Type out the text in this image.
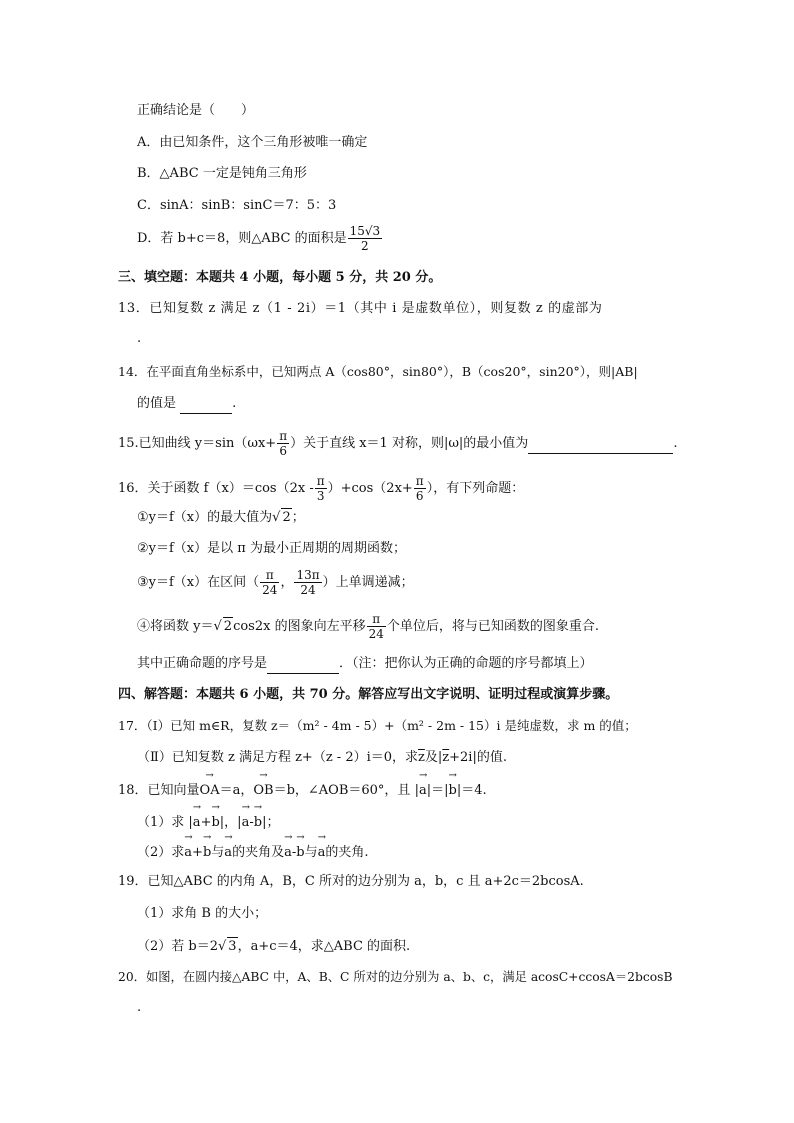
正确结论是（　　）
A．由已知条件，这个三角形被唯一确定
B．△ABC 一定是钝角三角形
C．sinA：sinB：sinC＝7：5：3
D．若 b+c＝8，则△ABC 的面积是 $\frac{15√3}{2}$
三、填空题：本题共 4 小题，每小题 5 分，共 20 分。
13．已知复数 z 满足 z（1 - 2i）＝1（其中 i 是虚数单位），则复数 z 的虚部为
.
14．在平面直角坐标系中，已知两点 A（cos80°，sin80°），B（cos20°，sin20°），则|AB|
的值是	.
15.已知曲线 $y=\sin(\omega x+ \frac{\pi}{6}$ ）关于直线 x＝1 对称，则|ω|的最小值为	.
16．关于函数 $f(x)=\cos(2x - \frac{\pi}{3} )+\cos(2x+ \frac{\pi}{6}$ ），有下列命题：
①y＝f（x）的最大值为√ 2；
②y＝f（x）是以 π 为最小正周期的周期函数；
③y＝f（x）在区间（ $\frac{\pi}{24}$ ， $\frac{13\pi}{24}$ ）上单调递减；
④将函数 y＝√ 2cos2x 的图象向左平移 $\frac{\pi}{24}$ 个单位后，将与已知函数的图象重合.
其中正确命题的序号是	．（注：把你认为正确的命题的序号都填上）
四、解答题：本题共 6 小题，共 70 分。解答应写出文字说明、证明过程或演算步骤。
17．（Ⅰ）已知 m∈R，复数 z＝（m² - 4m - 5）+（m² - 2m - 15）i 是纯虚数，求 m 的值；
（Ⅱ）已知复数 z 满足方程 z+（z - 2）i＝0，求$\overline{z}$及$|\overline{z}+2i|$的值.
18．已知向量→ OA＝a，→ OB＝b，∠AOB＝60°，且 |→ a|＝|→ b|＝4.
（1）求 |→ a+→ b|，|→ a-→ b|；
（2）求→ a+→ b与→ a的夹角及→ a-→ b与→ a的夹角.
19．已知△ABC 的内角 A，B，C 所对的边分别为 a，b，c 且 a+2c＝2bcosA.
（1）求角 B 的大小；
（2）若 b＝2√ 3，a+c＝4，求△ABC 的面积.
20．如图，在圆内接△ABC 中，A、B、C 所对的边分别为 a、b、c，满足 acosC+ccosA＝2bcosB
.
